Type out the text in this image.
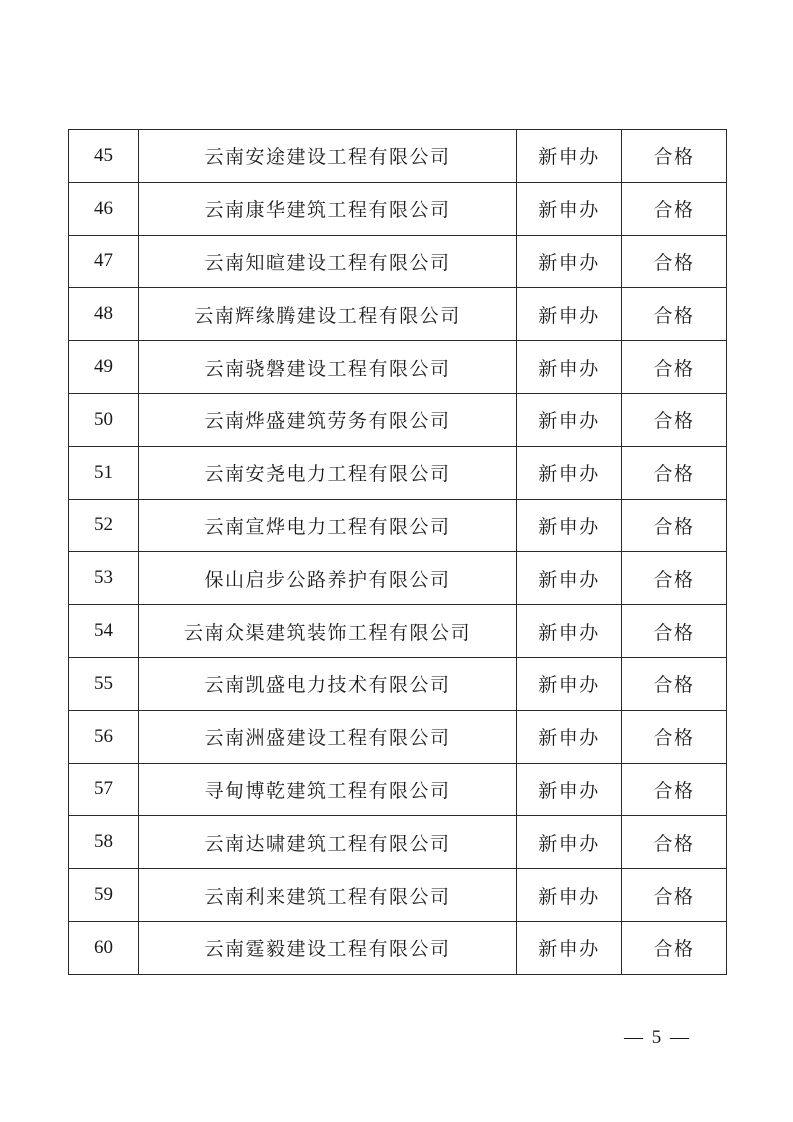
45	云南安途建设工程有限公司	新申办	合格
46	云南康华建筑工程有限公司	新申办	合格
47	云南知暄建设工程有限公司	新申办	合格
48	云南辉缘腾建设工程有限公司	新申办	合格
49	云南骁磐建设工程有限公司	新申办	合格
50	云南烨盛建筑劳务有限公司	新申办	合格
51	云南安尧电力工程有限公司	新申办	合格
52	云南宣烨电力工程有限公司	新申办	合格
53	保山启步公路养护有限公司	新申办	合格
54	云南众渠建筑装饰工程有限公司	新申办	合格
55	云南凯盛电力技术有限公司	新申办	合格
56	云南洲盛建设工程有限公司	新申办	合格
57	寻甸博乾建筑工程有限公司	新申办	合格
58	云南达啸建筑工程有限公司	新申办	合格
59	云南利来建筑工程有限公司	新申办	合格
60	云南霆毅建设工程有限公司	新申办	合格
— 5 —
